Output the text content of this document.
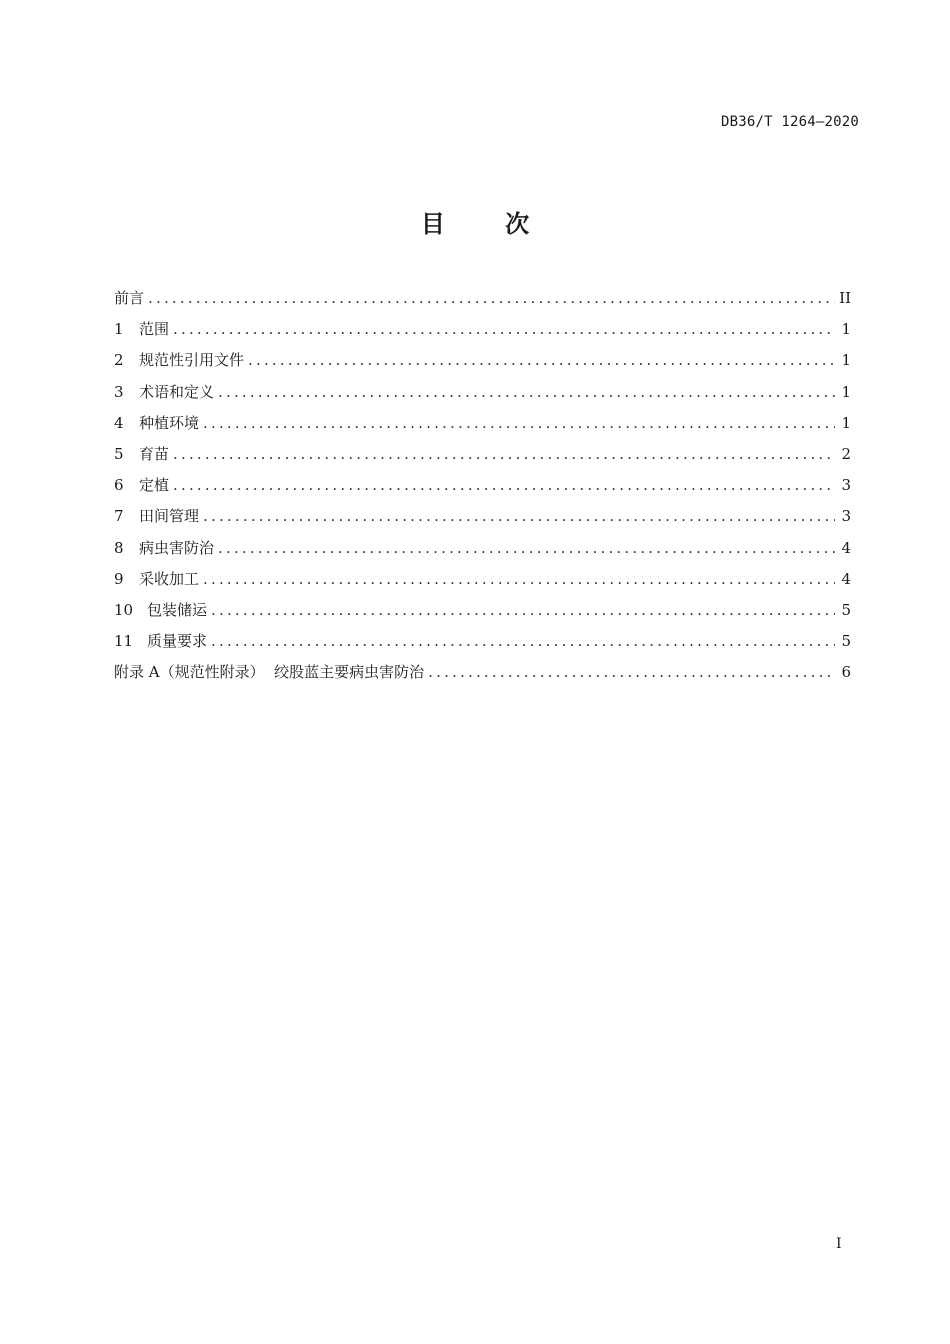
DB36/T 1264—2020
目	次
前言 .....	II
1	范围 .....	1
2	规范性引用文件 .....	1
3	术语和定义 .....	1
4	种植环境 .....	1
5	育苗 .....	2
6	定植 .....	3
7	田间管理 .....	3
8	病虫害防治 .....	4
9	采收加工 .....	4
10 包装储运 .....	5
11 质量要求 .....	5
附录 A（规范性附录）  绞股蓝主要病虫害防治 .....	6
I
